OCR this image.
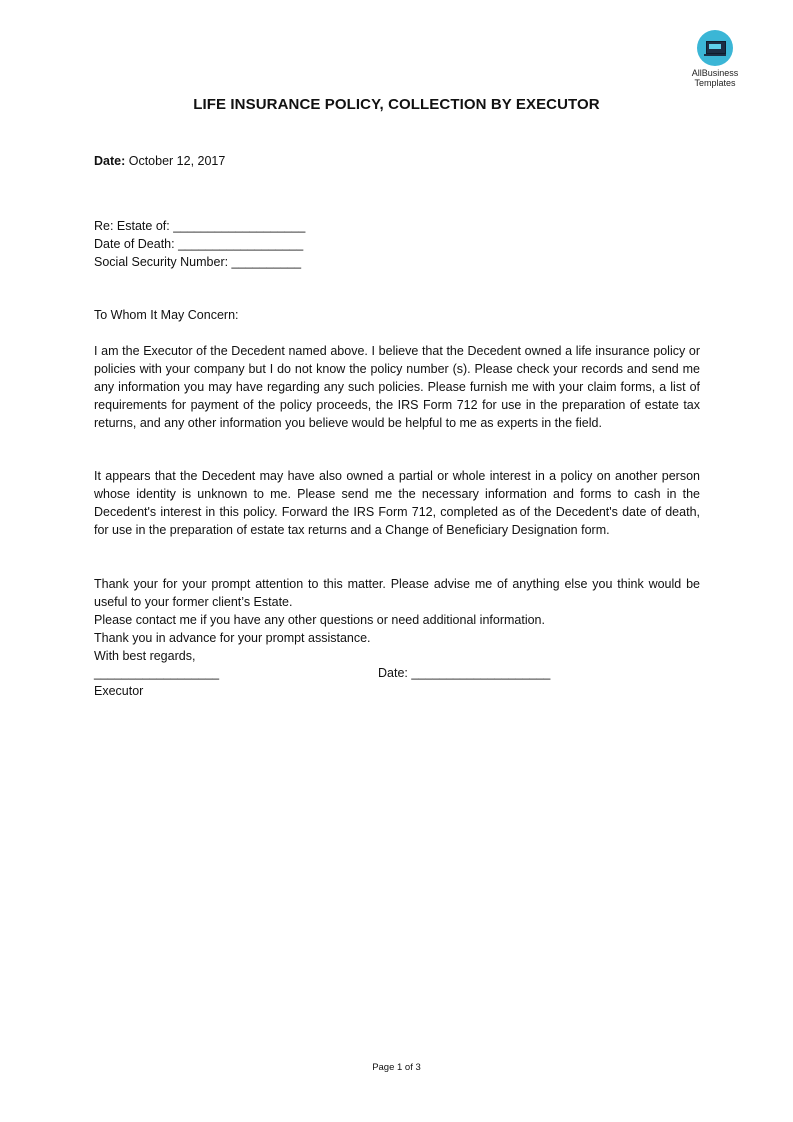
AllBusiness
Templates
LIFE INSURANCE POLICY, COLLECTION BY EXECUTOR

Date: October 12, 2017

Re: Estate of: ___________________

Date of Death: __________________

Social Security Number: __________

To Whom It May Concern:

I am the Executor of the Decedent named above. I believe that the Decedent owned a life insurance policy or policies with your company but I do not know the policy number (s). Please check your records and send me any information you may have regarding any such policies. Please furnish me with your claim forms, a list of requirements for payment of the policy proceeds, the IRS Form 712 for use in the preparation of estate tax returns, and any other information you believe would be helpful to me as experts in the field.

It appears that the Decedent may have also owned a partial or whole interest in a policy on another person whose identity is unknown to me. Please send me the necessary information and forms to cash in the Decedent's interest in this policy. Forward the IRS Form 712, completed as of the Decedent's date of death, for use in the preparation of estate tax returns and a Change of Beneficiary Designation form.

Thank your for your prompt attention to this matter. Please advise me of anything else you think would be useful to your former client’s Estate.

Please contact me if you have any other questions or need additional information.

Thank you in advance for your prompt assistance.

With best regards,

__________________
Executor
Date: ____________________
Page 1 of 3
